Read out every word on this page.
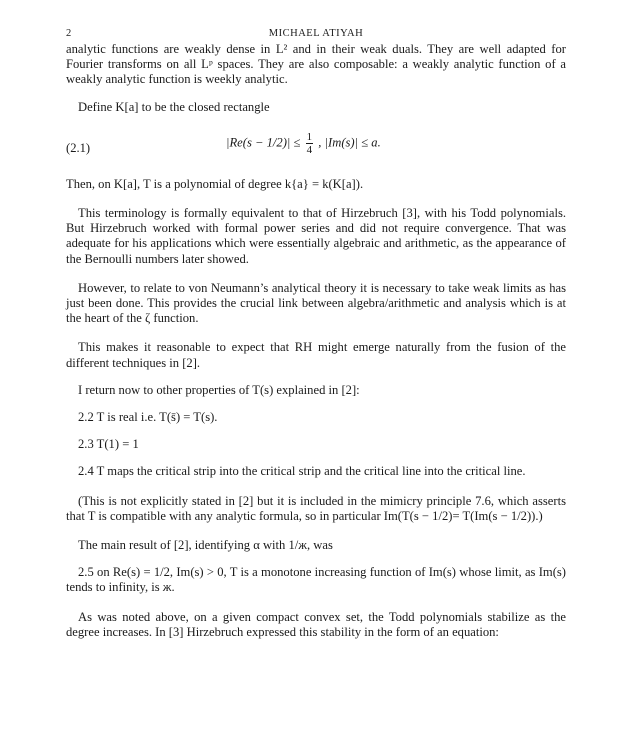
2	MICHAEL ATIYAH

analytic functions are weakly dense in L² and in their weak duals. They are well adapted for Fourier transforms on all Lᵖ spaces. They are also composable: a weakly analytic function of a weakly analytic function is weekly analytic.

Define K[a] to be the closed rectangle

(2.1)	$|Re(s - 1/2)| \le \frac{1}{4}$ , |Im(s)| ≤ a.

Then, on K[a], T is a polynomial of degree k{a} = k(K[a]).

This terminology is formally equivalent to that of Hirzebruch [3], with his Todd polynomials. But Hirzebruch worked with formal power series and did not require convergence. That was adequate for his applications which were essentially algebraic and arithmetic, as the appearance of the Bernoulli numbers later showed.

However, to relate to von Neumann’s analytical theory it is necessary to take weak limits as has just been done. This provides the crucial link between algebra/arithmetic and analysis which is at the heart of the ζ function.

This makes it reasonable to expect that RH might emerge naturally from the fusion of the different techniques in [2].

I return now to other properties of T(s) explained in [2]:

2.2 T is real i.e. T(s̄) = T(s).

2.3 T(1) = 1

2.4 T maps the critical strip into the critical strip and the critical line into the critical line.

(This is not explicitly stated in [2] but it is included in the mimicry principle 7.6, which asserts that T is compatible with any analytic formula, so in particular Im(T(s − 1/2)= T(Im(s − 1/2)).)

The main result of [2], identifying α with 1/ж, was

2.5 on Re(s) = 1/2, Im(s) > 0, T is a monotone increasing function of Im(s) whose limit, as Im(s) tends to infinity, is ж.

As was noted above, on a given compact convex set, the Todd polynomials stabilize as the degree increases. In [3] Hirzebruch expressed this stability in the form of an equation:
